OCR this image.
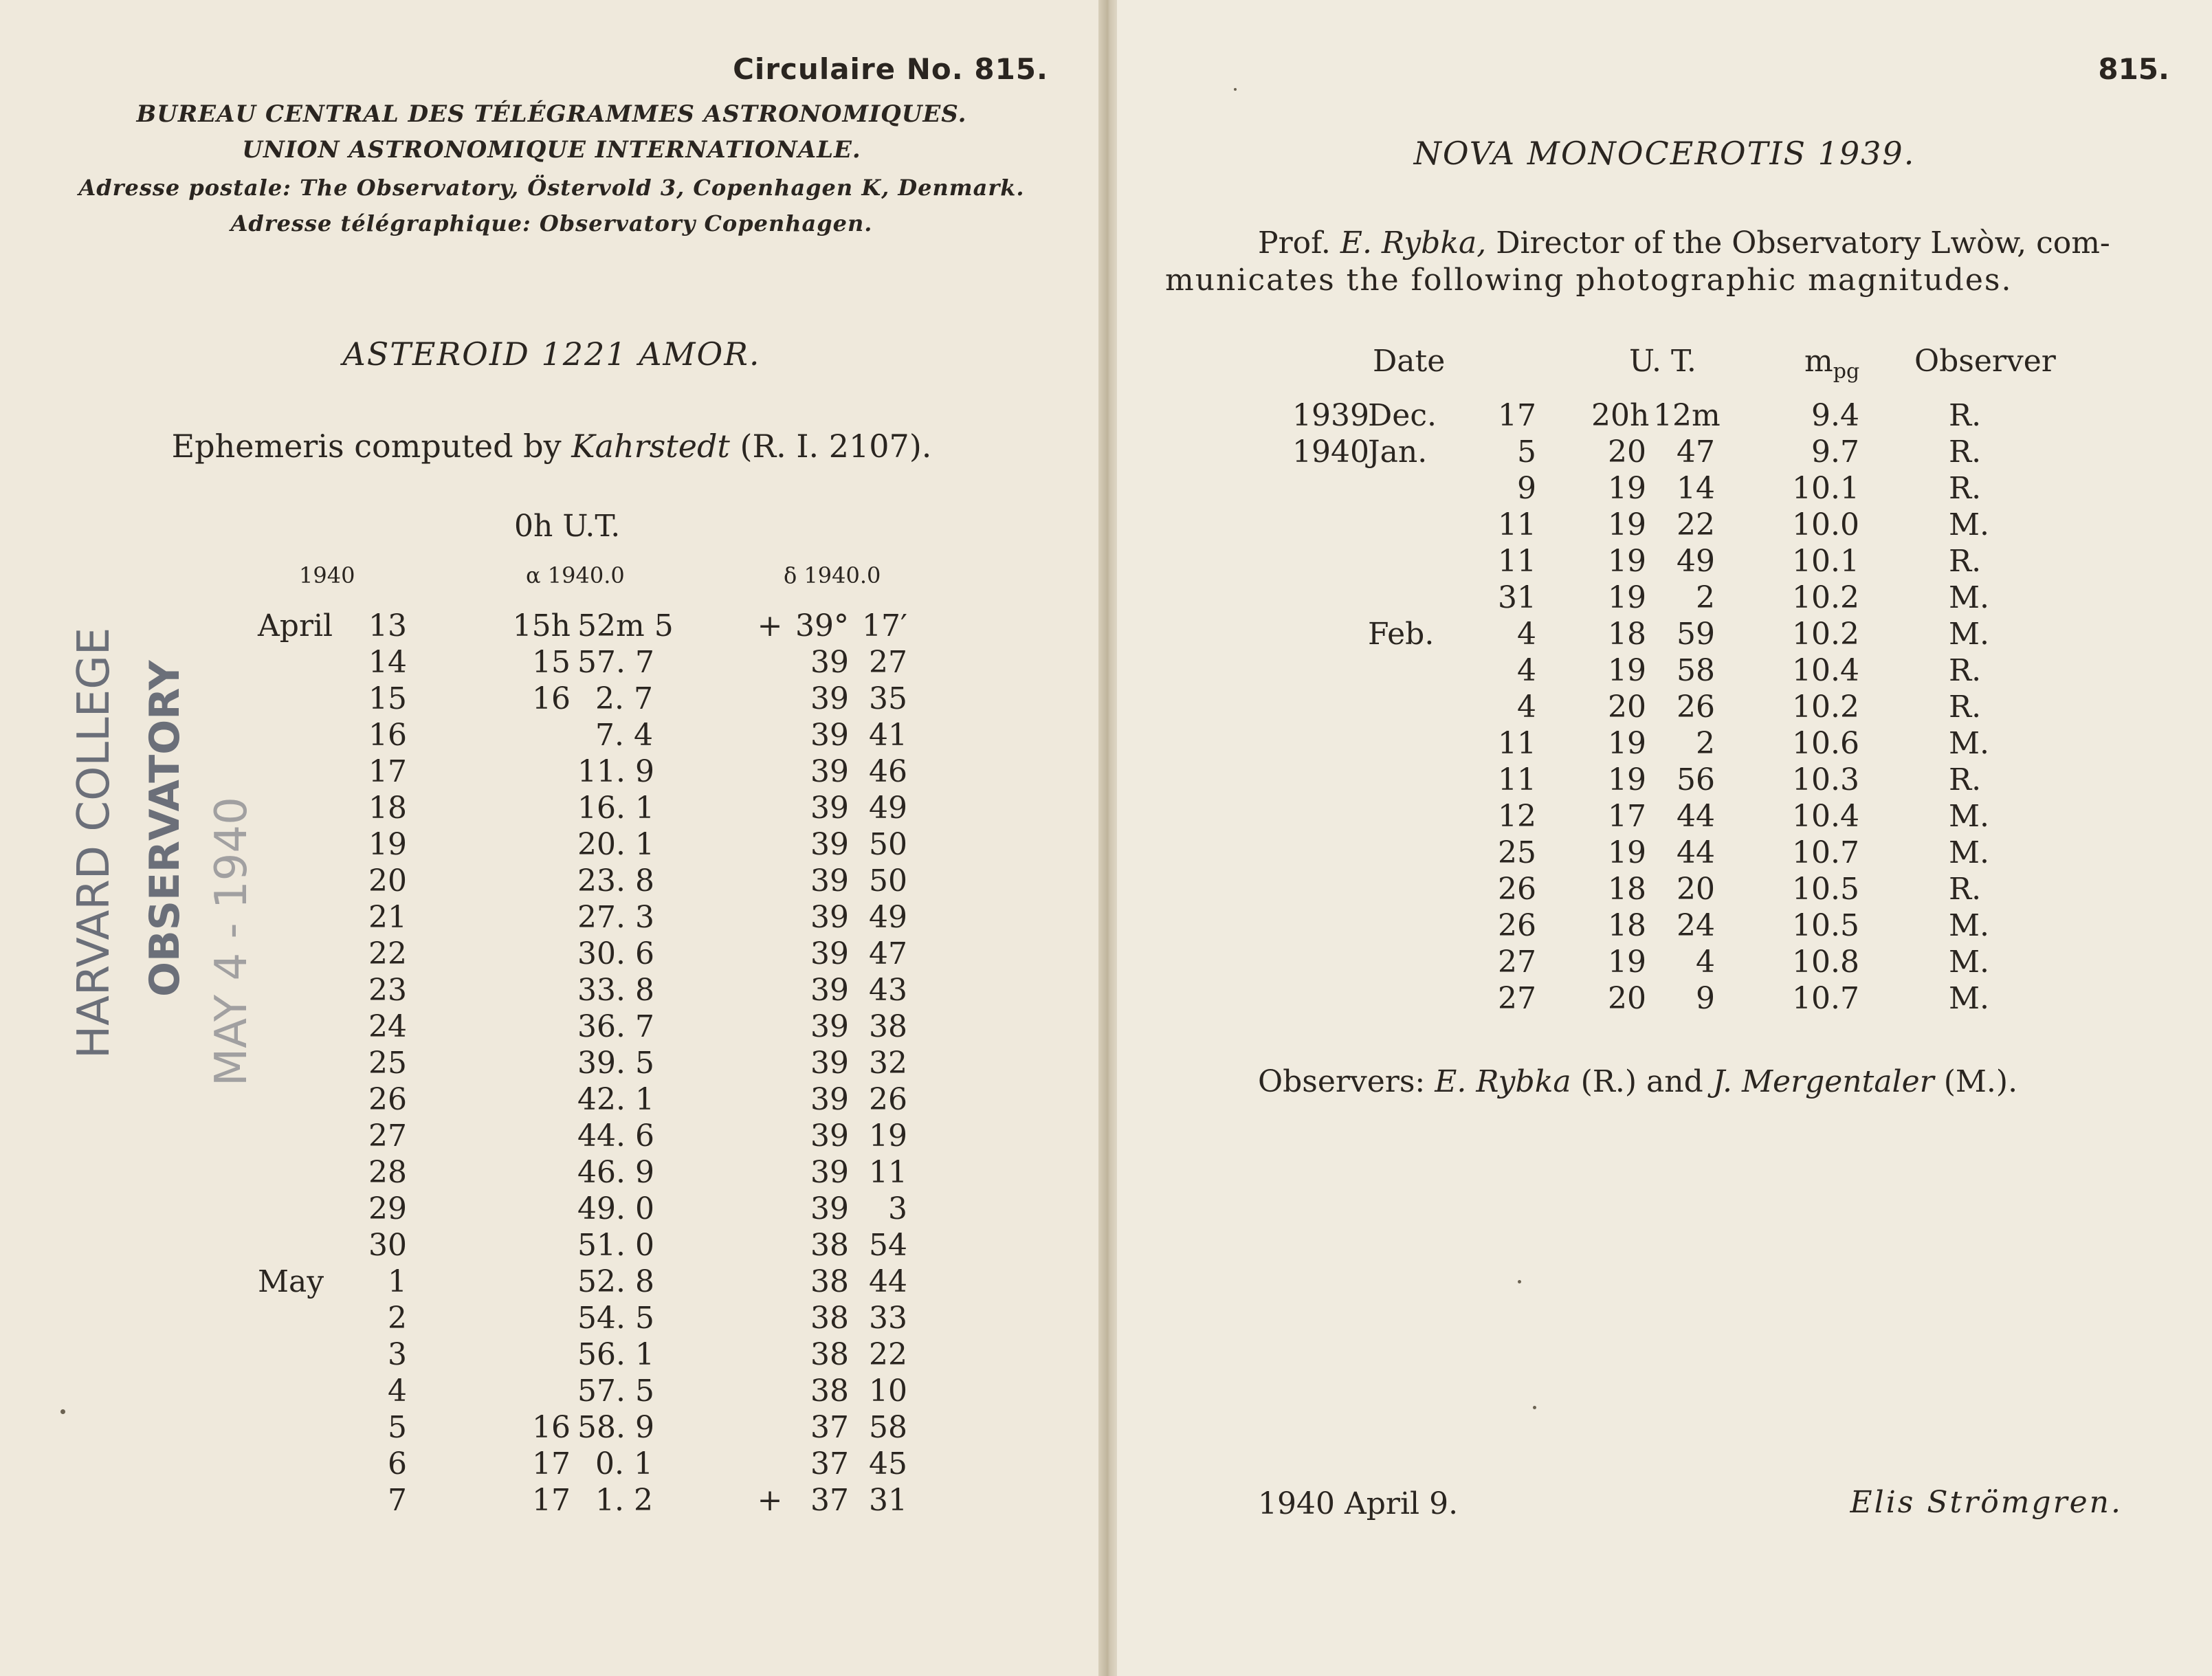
Circulaire No. 815.
BUREAU CENTRAL DES TÉLÉGRAMMES ASTRONOMIQUES.
UNION ASTRONOMIQUE INTERNATIONALE.
Adresse postale: The Observatory, Östervold 3, Copenhagen K, Denmark.
Adresse télégraphique: Observatory Copenhagen.
ASTEROID 1221 AMOR.
Ephemeris computed by Kahrstedt (R. I. 2107).
0h U.T.
1940	α 1940.0	δ 1940.0
April	13	15h 52m 5	+ 39° 17′
14	15 57. 7	39 27
15	16 2. 7	39 35
16	7. 4	39 41
17	11. 9	39 46
18	16. 1	39 49
19	20. 1	39 50
20	23. 8	39 50
21	27. 3	39 49
22	30. 6	39 47
23	33. 8	39 43
24	36. 7	39 38
25	39. 5	39 32
26	42. 1	39 26
27	44. 6	39 19
28	46. 9	39 11
29	49. 0	39	3
30	51. 0	38 54
May	1	52. 8	38 44
2	54. 5	38 33
3	56. 1	38 22
4	57. 5	38 10
5	16 58. 9	37 58
6	17 0. 1	37 45
7	17 1. 2	+ 37 31
HARVARD COLLEGE OBSERVATORY MAY 4 - 1940
815.
NOVA MONOCEROTIS 1939.
Prof. E. Rybka, Director of the Observatory Lwòw, com-
municates the following photographic magnitudes.
Date	U. T.	$m_{pg}$ Observer
1939
Dec.	17 20h 12m	9.4	R.
1940
Jan.	5	20	47	9.7	R.
9	19	14	10.1	R.
11	19	22	10.0	M.
11	19	49	10.1	R.
31	19	2	10.2	M.
Feb.	4	18	59	10.2	M.
4	19	58	10.4	R.
4	20	26	10.2	R.
11	19	2	10.6	M.
11	19	56	10.3	R.
12	17	44	10.4	M.
25	19	44	10.7	M.
26	18	20	10.5	R.
26	18	24	10.5	M.
27	19	4	10.8	M.
27	20	9	10.7	M.
Observers: E. Rybka (R.) and J. Mergentaler (M.).
1940 April 9.	Elis Strömgren.
